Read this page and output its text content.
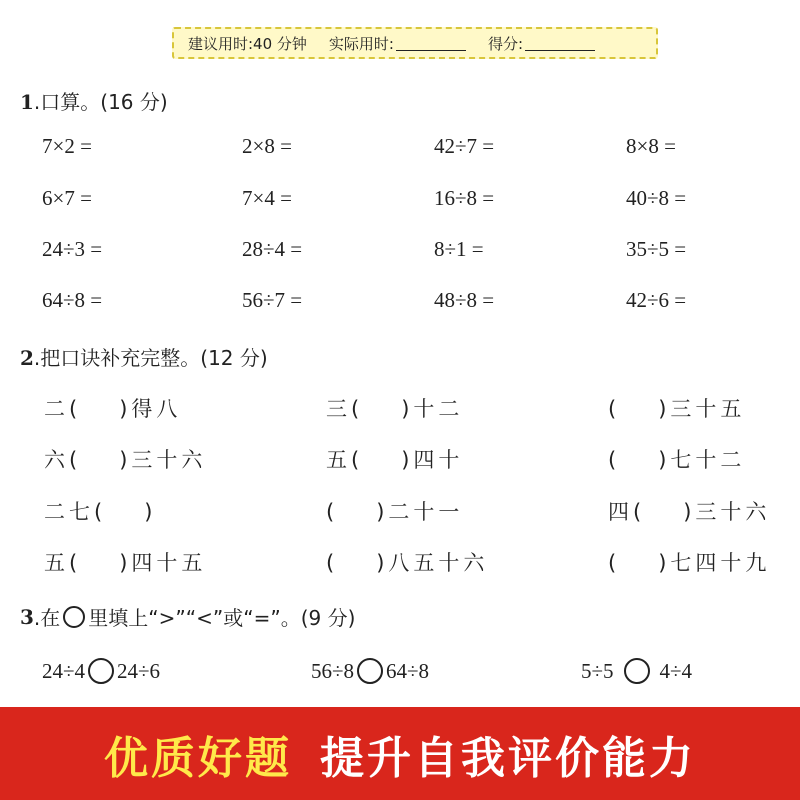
建议用时:40 分钟 实际用时:	得分:
1.口算。(16 分)
7×2 =	2×8 =	42÷7 =	8×8 =
6×7 =	7×4 =	16÷8 =	40÷8 =
24÷3 =	28÷4 =	8÷1 =	35÷5 =
64÷8 =	56÷7 =	48÷8 =	42÷6 =
2.把口诀补充完整。(12 分)
二( )得八	三( )十二	( )三十五
六( )三十六	五( )四十	( )七十二
二七( )	( )二十一	四( )三十六
五( )四十五	( )八五十六	( )七四十九
3 .在 里填上“>”“<”或“=”。(9 分)
24÷4 24÷6	56÷8 64÷8	5÷5 4÷4
优质好题 提升自我评价能力
